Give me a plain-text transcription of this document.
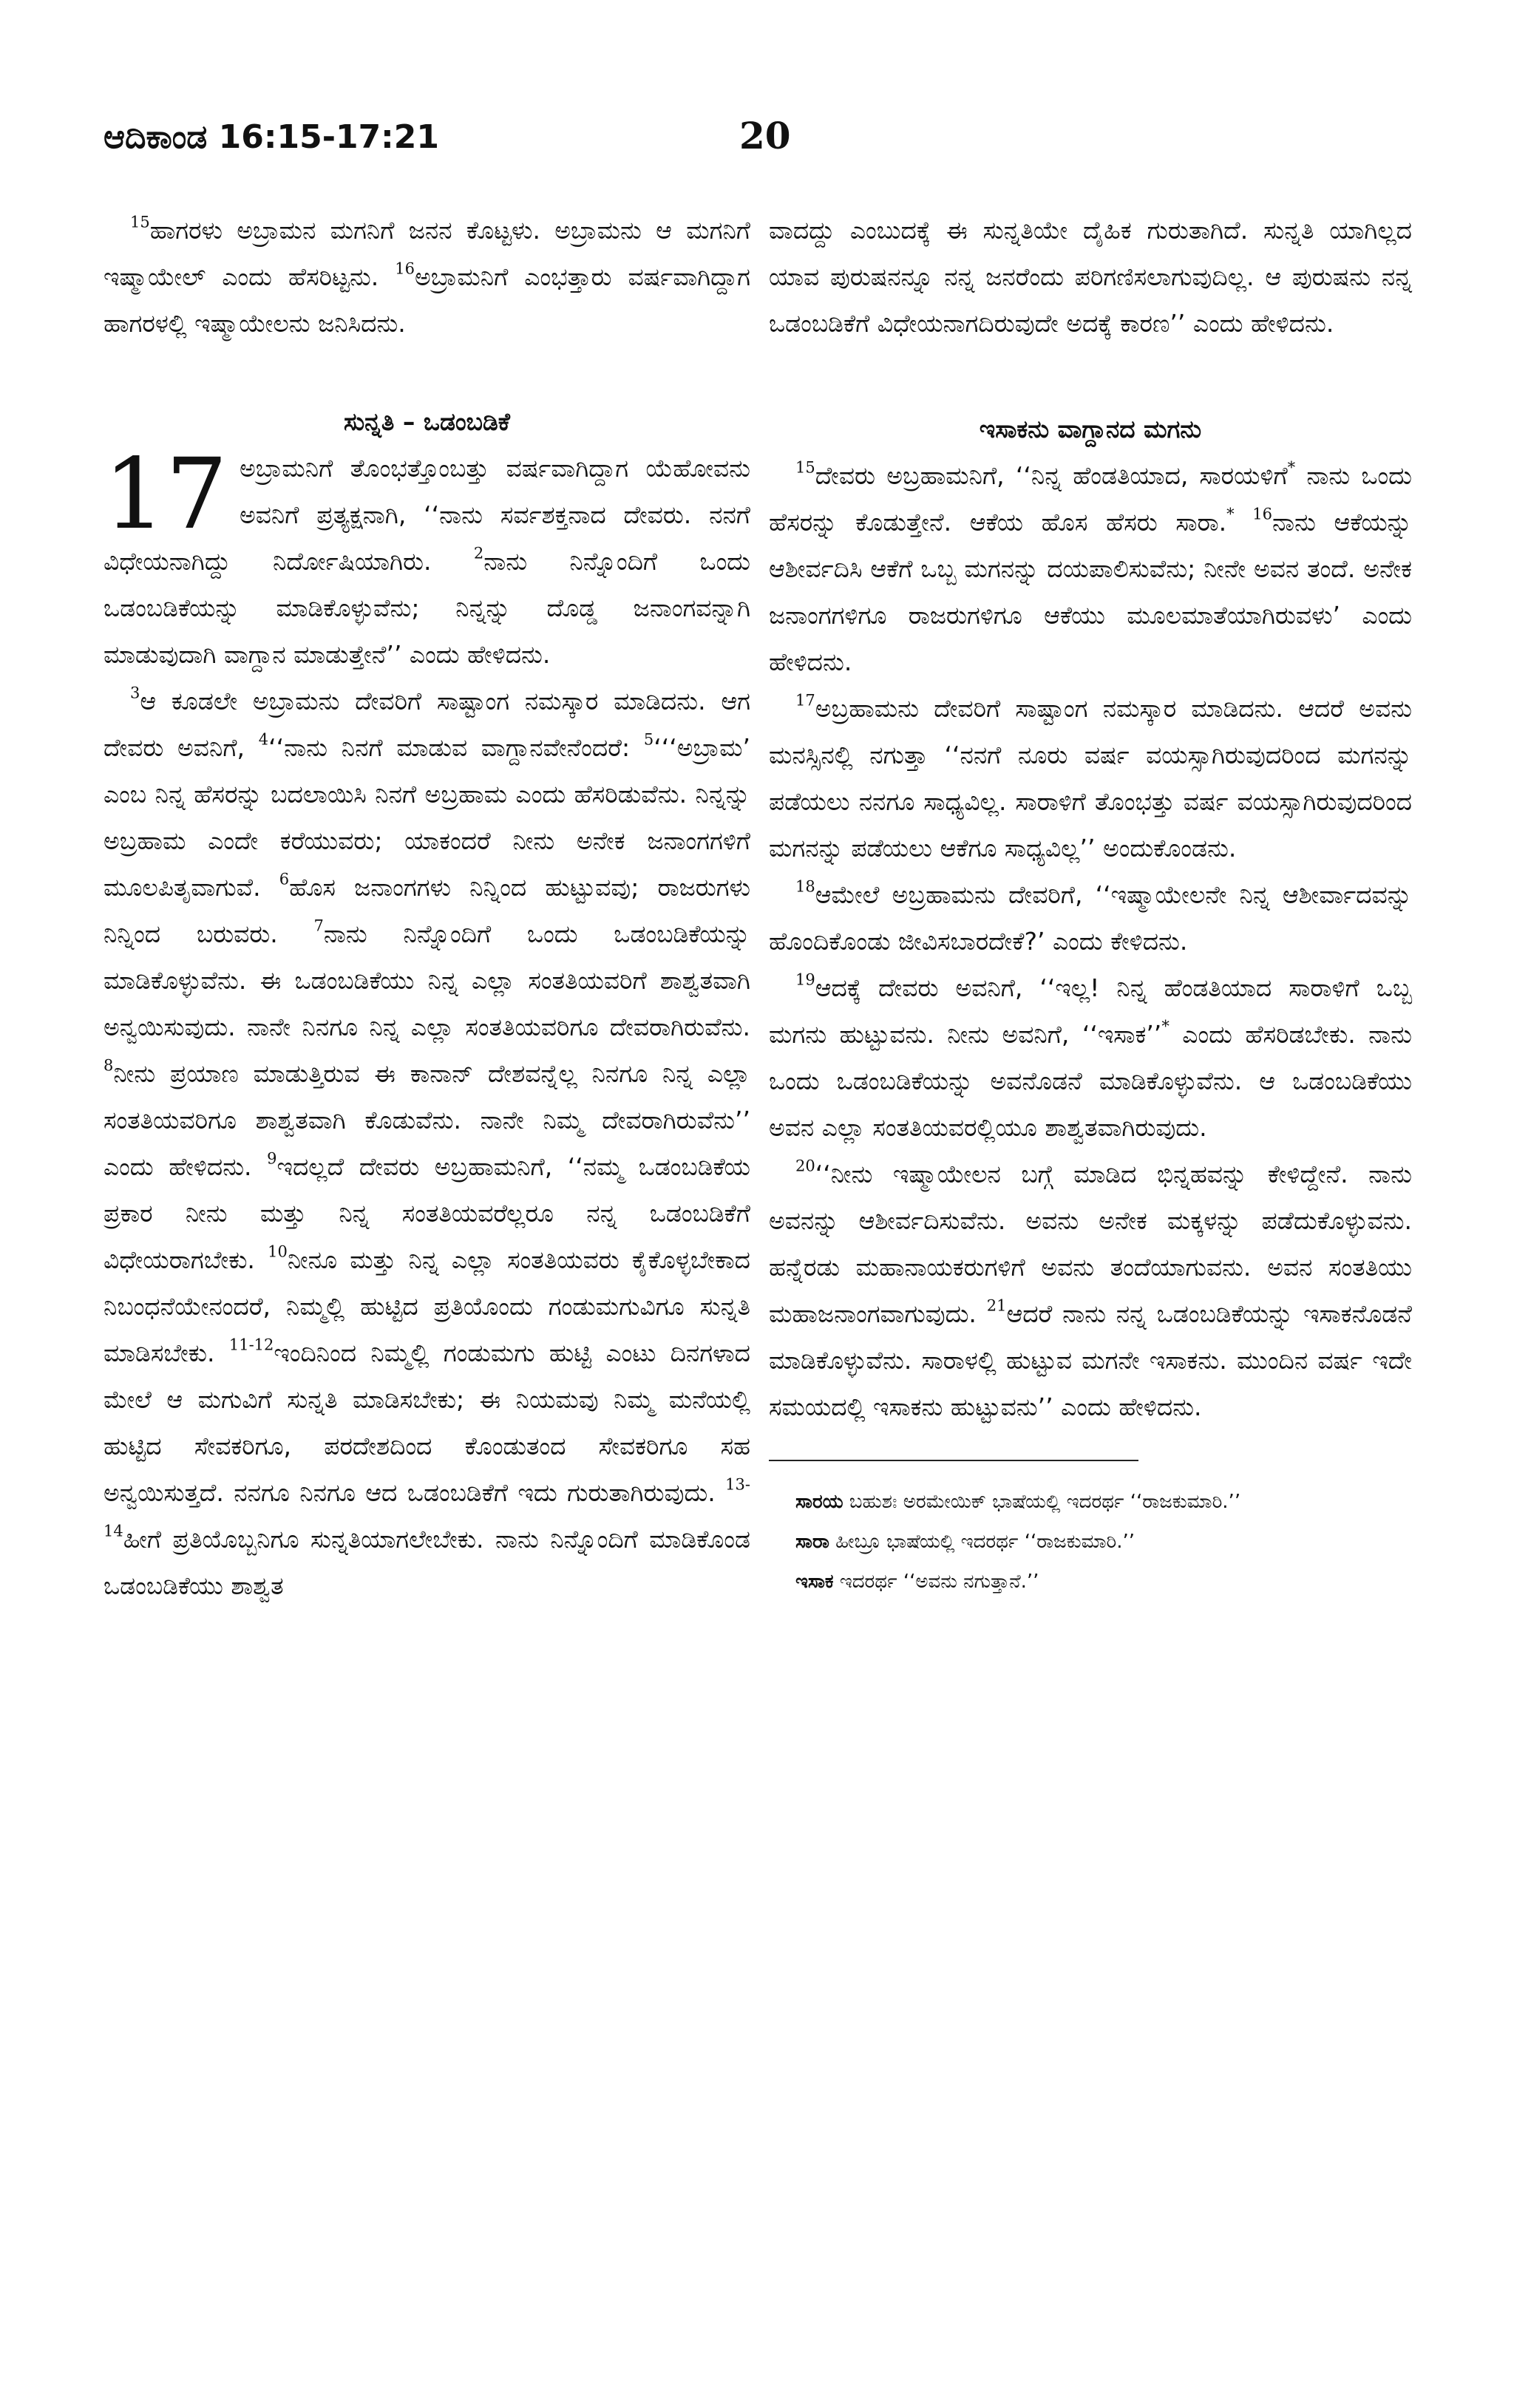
ಆದಿಕಾಂಡ 16:15-17:21	20

$^{15}$ಹಾಗರಳು ಅಬ್ರಾಮನ ಮಗನಿಗೆ ಜನನ ಕೊಟ್ಟಳು. ಅಬ್ರಾಮನು ಆ ಮಗನಿಗೆ ಇಷ್ಮಾಯೇಲ್ ಎಂದು ಹೆಸರಿಟ್ಟನು. $^{16}$ಅಬ್ರಾಮನಿಗೆ ಎಂಭತ್ತಾರು ವರ್ಷವಾಗಿದ್ದಾಗ ಹಾಗರಳಲ್ಲಿ ಇಷ್ಮಾಯೇಲನು ಜನಿಸಿದನು.

ಸುನ್ನತಿ – ಒಡಂಬಡಿಕೆ

17 ಅಬ್ರಾಮನಿಗೆ ತೊಂಭತ್ತೊಂಬತ್ತು ವರ್ಷವಾಗಿದ್ದಾಗ ಯೆಹೋವನು ಅವನಿಗೆ ಪ್ರತ್ಯಕ್ಷನಾಗಿ, ‘‘ನಾನು ಸರ್ವಶಕ್ತನಾದ ದೇವರು. ನನಗೆ ವಿಧೇಯನಾಗಿದ್ದು ನಿರ್ದೋಷಿಯಾಗಿರು.	$^2$ನಾನು ನಿನ್ನೊಂದಿಗೆ ಒಂದು ಒಡಂಬಡಿಕೆಯನ್ನು ಮಾಡಿಕೊಳ್ಳುವೆನು; ನಿನ್ನನ್ನು ದೊಡ್ಡ ಜನಾಂಗವನ್ನಾಗಿ ಮಾಡುವುದಾಗಿ ವಾಗ್ದಾನ ಮಾಡುತ್ತೇನೆ’’ ಎಂದು ಹೇಳಿದನು.

$^3$ಆ ಕೂಡಲೇ ಅಬ್ರಾಮನು ದೇವರಿಗೆ ಸಾಷ್ಟಾಂಗ ನಮಸ್ಕಾರ ಮಾಡಿದನು. ಆಗ ದೇವರು ಅವನಿಗೆ, $^4$‘‘ನಾನು ನಿನಗೆ ಮಾಡುವ ವಾಗ್ದಾನವೇನೆಂದರೆ: $^5$‘‘‘ಅಬ್ರಾಮ’ ಎಂಬ ನಿನ್ನ ಹೆಸರನ್ನು ಬದಲಾಯಿಸಿ ನಿನಗೆ ಅಬ್ರಹಾಮ ಎಂದು ಹೆಸರಿಡುವೆನು. ನಿನ್ನನ್ನು ಅಬ್ರಹಾಮ ಎಂದೇ ಕರೆಯುವರು; ಯಾಕಂದರೆ ನೀನು ಅನೇಕ ಜನಾಂಗಗಳಿಗೆ ಮೂಲಪಿತೃವಾಗುವೆ. $^6$ಹೊಸ ಜನಾಂಗಗಳು ನಿನ್ನಿಂದ ಹುಟ್ಟುವವು; ರಾಜರುಗಳು ನಿನ್ನಿಂದ ಬರುವರು. $^7$ನಾನು ನಿನ್ನೊಂದಿಗೆ ಒಂದು ಒಡಂಬಡಿಕೆಯನ್ನು ಮಾಡಿಕೊಳ್ಳುವೆನು. ಈ ಒಡಂಬಡಿಕೆಯು ನಿನ್ನ ಎಲ್ಲಾ ಸಂತತಿಯವರಿಗೆ ಶಾಶ್ವತವಾಗಿ ಅನ್ವಯಿಸುವುದು. ನಾನೇ ನಿನಗೂ ನಿನ್ನ ಎಲ್ಲಾ ಸಂತತಿಯವರಿಗೂ ದೇವರಾಗಿರುವೆನು. $^8$ನೀನು ಪ್ರಯಾಣ ಮಾಡುತ್ತಿರುವ ಈ ಕಾನಾನ್ ದೇಶವನ್ನೆಲ್ಲ ನಿನಗೂ ನಿನ್ನ ಎಲ್ಲಾ ಸಂತತಿಯವರಿಗೂ ಶಾಶ್ವತವಾಗಿ ಕೊಡುವೆನು. ನಾನೇ ನಿಮ್ಮ ದೇವರಾಗಿರುವೆನು’’ ಎಂದು ಹೇಳಿದನು. $^9$ಇದಲ್ಲದೆ ದೇವರು ಅಬ್ರಹಾಮನಿಗೆ, ‘‘ನಮ್ಮ ಒಡಂಬಡಿಕೆಯ ಪ್ರಕಾರ ನೀನು ಮತ್ತು ನಿನ್ನ ಸಂತತಿಯವರೆಲ್ಲರೂ ನನ್ನ ಒಡಂಬಡಿಕೆಗೆ ವಿಧೇಯರಾಗಬೇಕು. $^{10}$ನೀನೂ ಮತ್ತು ನಿನ್ನ ಎಲ್ಲಾ ಸಂತತಿಯವರು ಕೈಕೊಳ್ಳಬೇಕಾದ ನಿಬಂಧನೆಯೇನಂದರೆ, ನಿಮ್ಮಲ್ಲಿ ಹುಟ್ಟಿದ ಪ್ರತಿಯೊಂದು ಗಂಡುಮಗುವಿಗೂ ಸುನ್ನತಿ ಮಾಡಿಸಬೇಕು. $^{11-12}$ಇಂದಿನಿಂದ ನಿಮ್ಮಲ್ಲಿ ಗಂಡುಮಗು ಹುಟ್ಟಿ ಎಂಟು ದಿನಗಳಾದ ಮೇಲೆ ಆ ಮಗುವಿಗೆ ಸುನ್ನತಿ ಮಾಡಿಸಬೇಕು; ಈ ನಿಯಮವು ನಿಮ್ಮ ಮನೆಯಲ್ಲಿ ಹುಟ್ಟಿದ ಸೇವಕರಿಗೂ, ಪರದೇಶದಿಂದ ಕೊಂಡುತಂದ ಸೇವಕರಿಗೂ ಸಹ ಅನ್ವಯಿಸುತ್ತದೆ. ನನಗೂ ನಿನಗೂ ಆದ ಒಡಂಬಡಿಕೆಗೆ ಇದು ಗುರುತಾಗಿರುವುದು. $^{13-14}$ಹೀಗೆ ಪ್ರತಿಯೊಬ್ಬನಿಗೂ ಸುನ್ನತಿಯಾಗಲೇಬೇಕು. ನಾನು ನಿನ್ನೊಂದಿಗೆ ಮಾಡಿಕೊಂಡ ಒಡಂಬಡಿಕೆಯು ಶಾಶ್ವತ

ವಾದದ್ದು ಎಂಬುದಕ್ಕೆ ಈ ಸುನ್ನತಿಯೇ ದೈಹಿಕ ಗುರುತಾಗಿದೆ. ಸುನ್ನತಿ ಯಾಗಿಲ್ಲದ ಯಾವ ಪುರುಷನನ್ನೂ ನನ್ನ ಜನರೆಂದು ಪರಿಗಣಿಸಲಾಗುವುದಿಲ್ಲ. ಆ ಪುರುಷನು ನನ್ನ ಒಡಂಬಡಿಕೆಗೆ ವಿಧೇಯನಾಗದಿರುವುದೇ ಅದಕ್ಕೆ ಕಾರಣ’’ ಎಂದು ಹೇಳಿದನು.

ಇಸಾಕನು ವಾಗ್ದಾನದ ಮಗನು

$^{15}$ದೇವರು ಅಬ್ರಹಾಮನಿಗೆ, ‘‘ನಿನ್ನ ಹೆಂಡತಿಯಾದ, ಸಾರಯಳಿಗೆ* ನಾನು ಒಂದು ಹೆಸರನ್ನು ಕೊಡುತ್ತೇನೆ. ಆಕೆಯ ಹೊಸ ಹೆಸರು ಸಾರಾ.* $^{16}$ನಾನು ಆಕೆಯನ್ನು ಆಶೀರ್ವದಿಸಿ ಆಕೆಗೆ ಒಬ್ಬ ಮಗನನ್ನು ದಯಪಾಲಿಸುವೆನು; ನೀನೇ ಅವನ ತಂದೆ. ಅನೇಕ ಜನಾಂಗಗಳಿಗೂ ರಾಜರುಗಳಿಗೂ ಆಕೆಯು ಮೂಲಮಾತೆಯಾಗಿರುವಳು’ ಎಂದು ಹೇಳಿದನು.

$^{17}$ಅಬ್ರಹಾಮನು ದೇವರಿಗೆ ಸಾಷ್ಟಾಂಗ ನಮಸ್ಕಾರ ಮಾಡಿದನು. ಆದರೆ ಅವನು ಮನಸ್ಸಿನಲ್ಲಿ ನಗುತ್ತಾ ‘‘ನನಗೆ ನೂರು ವರ್ಷ ವಯಸ್ಸಾಗಿರುವುದರಿಂದ ಮಗನನ್ನು ಪಡೆಯಲು ನನಗೂ ಸಾಧ್ಯವಿಲ್ಲ. ಸಾರಾಳಿಗೆ ತೊಂಭತ್ತು ವರ್ಷ ವಯಸ್ಸಾಗಿರುವುದರಿಂದ ಮಗನನ್ನು ಪಡೆಯಲು ಆಕೆಗೂ ಸಾಧ್ಯವಿಲ್ಲ’’ ಅಂದುಕೊಂಡನು.

$^{18}$ಆಮೇಲೆ ಅಬ್ರಹಾಮನು ದೇವರಿಗೆ, ‘‘ಇಷ್ಮಾಯೇಲನೇ ನಿನ್ನ ಆಶೀರ್ವಾದವನ್ನು ಹೊಂದಿಕೊಂಡು ಜೀವಿಸಬಾರದೇಕೆ?’ ಎಂದು ಕೇಳಿದನು.

$^{19}$ಆದಕ್ಕೆ ದೇವರು ಅವನಿಗೆ, ‘‘ಇಲ್ಲ! ನಿನ್ನ ಹೆಂಡತಿಯಾದ ಸಾರಾಳಿಗೆ ಒಬ್ಬ ಮಗನು ಹುಟ್ಟುವನು. ನೀನು ಅವನಿಗೆ, ‘‘ಇಸಾಕ’’* ಎಂದು ಹೆಸರಿಡಬೇಕು. ನಾನು ಒಂದು ಒಡಂಬಡಿಕೆಯನ್ನು ಅವನೊಡನೆ ಮಾಡಿಕೊಳ್ಳುವೆನು. ಆ ಒಡಂಬಡಿಕೆಯು ಅವನ ಎಲ್ಲಾ ಸಂತತಿಯವರಲ್ಲಿಯೂ ಶಾಶ್ವತವಾಗಿರುವುದು.

$^{20}$‘‘ನೀನು ಇಷ್ಮಾಯೇಲನ ಬಗ್ಗೆ ಮಾಡಿದ ಭಿನ್ನಹವನ್ನು ಕೇಳಿದ್ದೇನೆ. ನಾನು ಅವನನ್ನು ಆಶೀರ್ವದಿಸುವೆನು. ಅವನು ಅನೇಕ ಮಕ್ಕಳನ್ನು ಪಡೆದುಕೊಳ್ಳುವನು. ಹನ್ನೆರಡು ಮಹಾನಾಯಕರುಗಳಿಗೆ ಅವನು ತಂದೆಯಾಗುವನು. ಅವನ ಸಂತತಿಯು ಮಹಾಜನಾಂಗವಾಗುವುದು. $^{21}$ಆದರೆ ನಾನು ನನ್ನ ಒಡಂಬಡಿಕೆಯನ್ನು ಇಸಾಕನೊಡನೆ ಮಾಡಿಕೊಳ್ಳುವೆನು. ಸಾರಾಳಲ್ಲಿ ಹುಟ್ಟುವ ಮಗನೇ ಇಸಾಕನು. ಮುಂದಿನ ವರ್ಷ ಇದೇ ಸಮಯದಲ್ಲಿ ಇಸಾಕನು ಹುಟ್ಟುವನು’’ ಎಂದು ಹೇಳಿದನು.

ಸಾರಯ ಬಹುಶಃ ಅರಮೇಯಿಕ್ ಭಾಷೆಯಲ್ಲಿ ಇದರರ್ಥ ‘‘ರಾಜಕುಮಾರಿ.’’

ಸಾರಾ ಹೀಬ್ರೂ ಭಾಷೆಯಲ್ಲಿ ಇದರರ್ಥ ‘‘ರಾಜಕುಮಾರಿ.’’

ಇಸಾಕ ಇದರರ್ಥ ‘‘ಅವನು ನಗುತ್ತಾನೆ.’’
